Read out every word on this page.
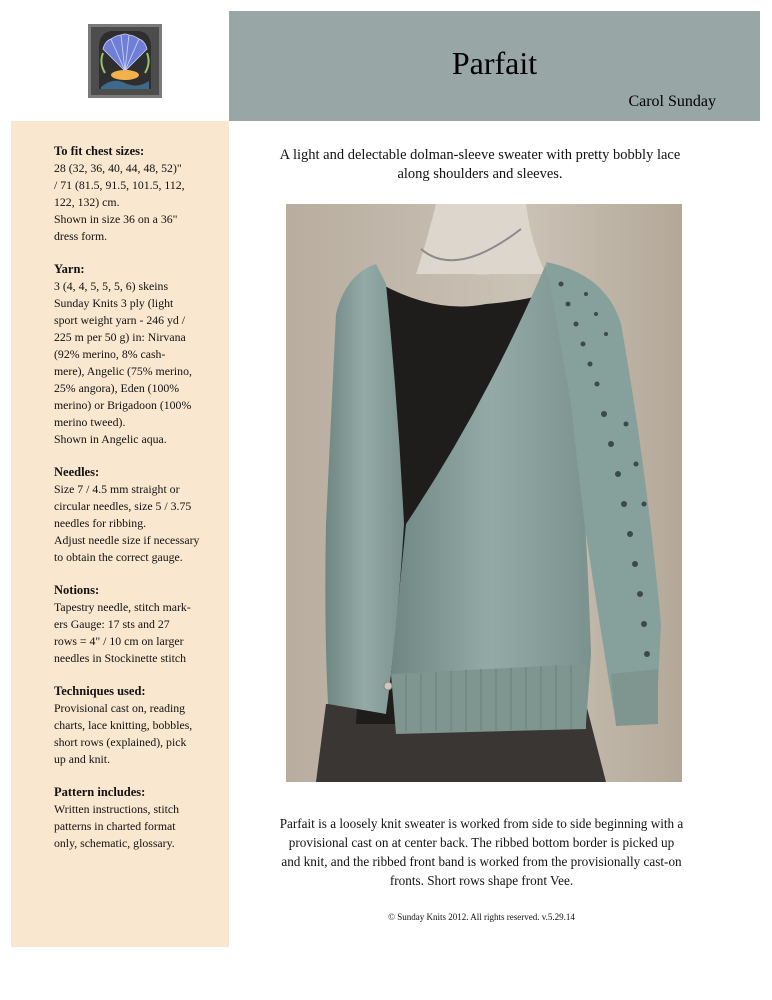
Parfait
Carol Sunday
To fit chest sizes:
28 (32, 36, 40, 44, 48, 52)"
/ 71 (81.5, 91.5, 101.5, 112,
122, 132) cm.
Shown in size 36 on a 36"
dress form.
Yarn:
3 (4, 4, 5, 5, 5, 6) skeins
Sunday Knits 3 ply (light
sport weight yarn - 246 yd /
225 m per 50 g) in: Nirvana
(92% merino, 8% cash-
mere), Angelic (75% merino,
25% angora), Eden (100%
merino) or Brigadoon (100%
merino tweed).
Shown in Angelic aqua.
Needles:
Size 7 / 4.5 mm straight or
circular needles, size 5 / 3.75
needles for ribbing.
Adjust needle size if necessary
to obtain the correct gauge.
Notions:
Tapestry needle, stitch mark-
ers Gauge: 17 sts and 27
rows = 4" / 10 cm on larger
needles in Stockinette stitch
Techniques used:
Provisional cast on, reading
charts, lace knitting, bobbles,
short rows (explained), pick
up and knit.
Pattern includes:
Written instructions, stitch
patterns in charted format
only, schematic, glossary.
A light and delectable dolman-sleeve sweater with pretty bobbly lace along shoulders and sleeves.
Parfait is a loosely knit sweater is worked from side to side beginning with a provisional cast on at center back. The ribbed bottom border is picked up and knit, and the ribbed front band is worked from the provisionally cast-on fronts. Short rows shape front Vee.
© Sunday Knits 2012. All rights reserved. v.5.29.14
